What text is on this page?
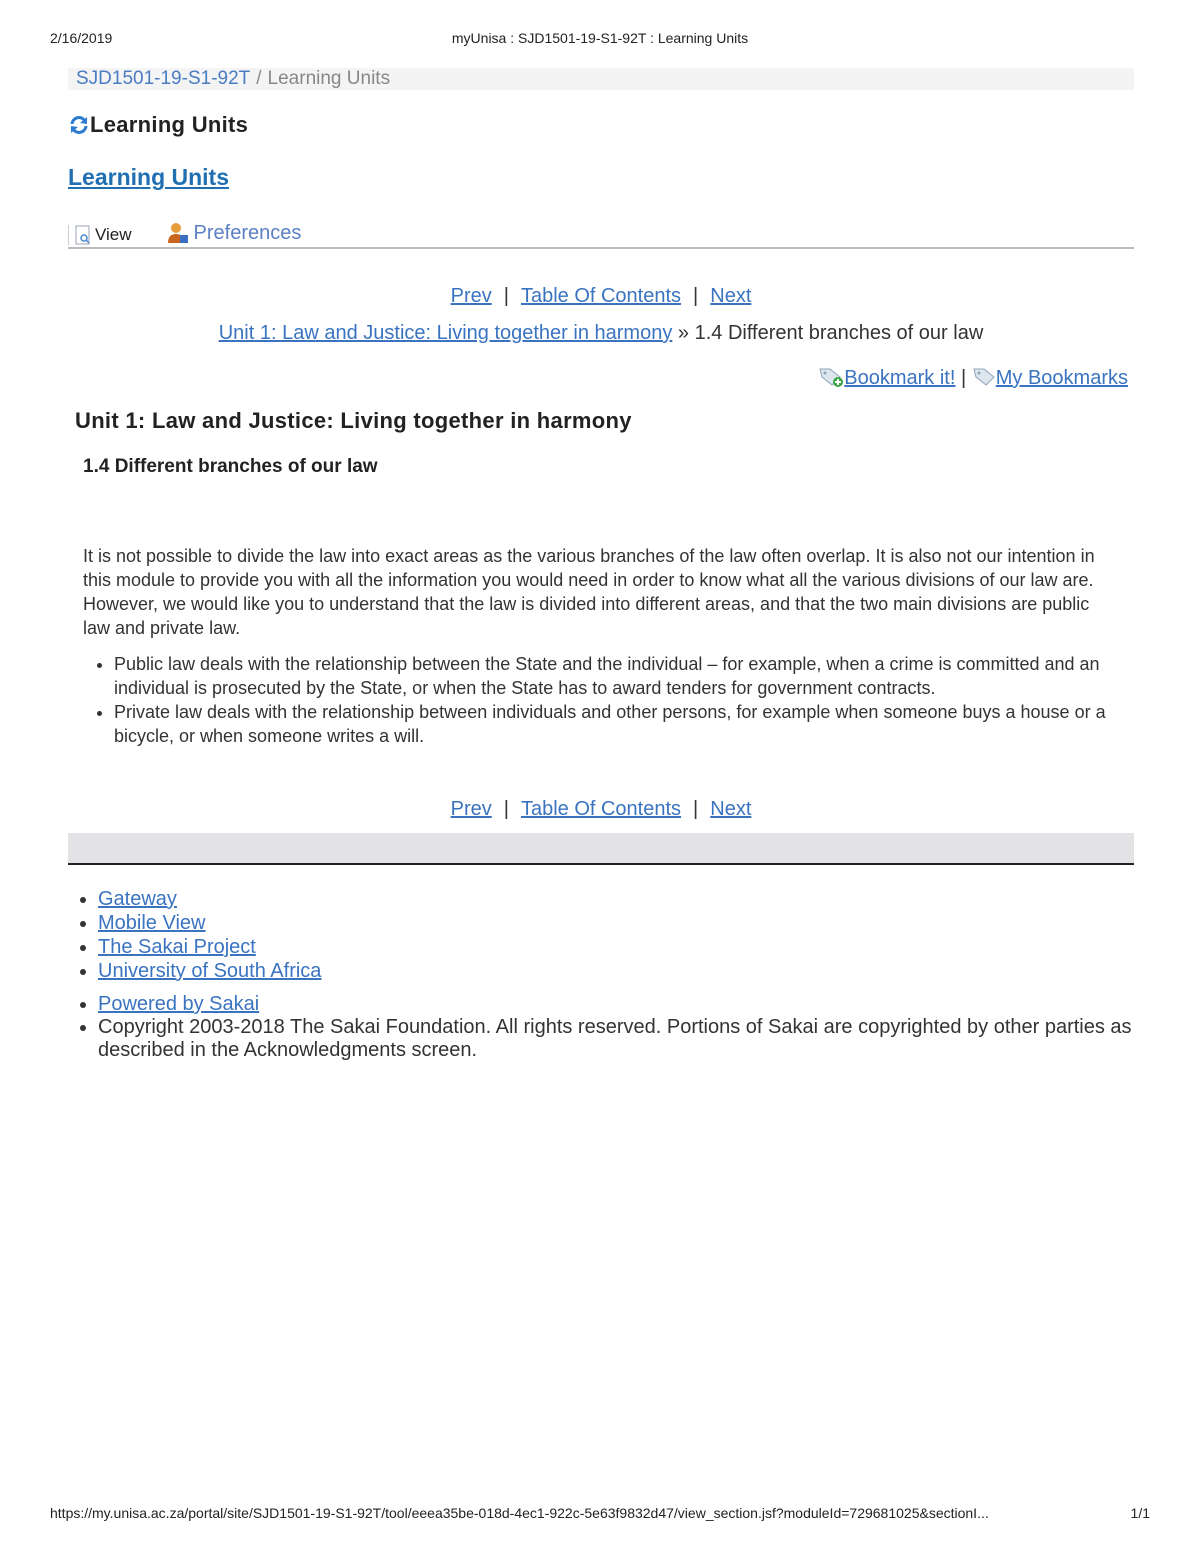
2/16/2019	myUnisa : SJD1501-19-S1-92T : Learning Units
SJD1501-19-S1-92T / Learning Units
Learning Units
Learning Units
View	Preferences
Prev | Table Of Contents | Next
Unit 1: Law and Justice: Living together in harmony » 1.4 Different branches of our law
Bookmark it! | My Bookmarks
Unit 1: Law and Justice: Living together in harmony
1.4 Different branches of our law
It is not possible to divide the law into exact areas as the various branches of the law often overlap. It is also not our intention in this module to provide you with all the information you would need in order to know what all the various divisions of our law are. However, we would like you to understand that the law is divided into different areas, and that the two main divisions are public law and private law.
• Public law deals with the relationship between the State and the individual – for example, when a crime is committed and an individual is prosecuted by the State, or when the State has to award tenders for government contracts.
• Private law deals with the relationship between individuals and other persons, for example when someone buys a house or a bicycle, or when someone writes a will.
Prev | Table Of Contents | Next
• Gateway
• Mobile View
• The Sakai Project
• University of South Africa
• Powered by Sakai
• Copyright 2003-2018 The Sakai Foundation. All rights reserved. Portions of Sakai are copyrighted by other parties as described in the Acknowledgments screen.
https://my.unisa.ac.za/portal/site/SJD1501-19-S1-92T/tool/eeea35be-018d-4ec1-922c-5e63f9832d47/view_section.jsf?moduleId=729681025&sectionI...	1/1
